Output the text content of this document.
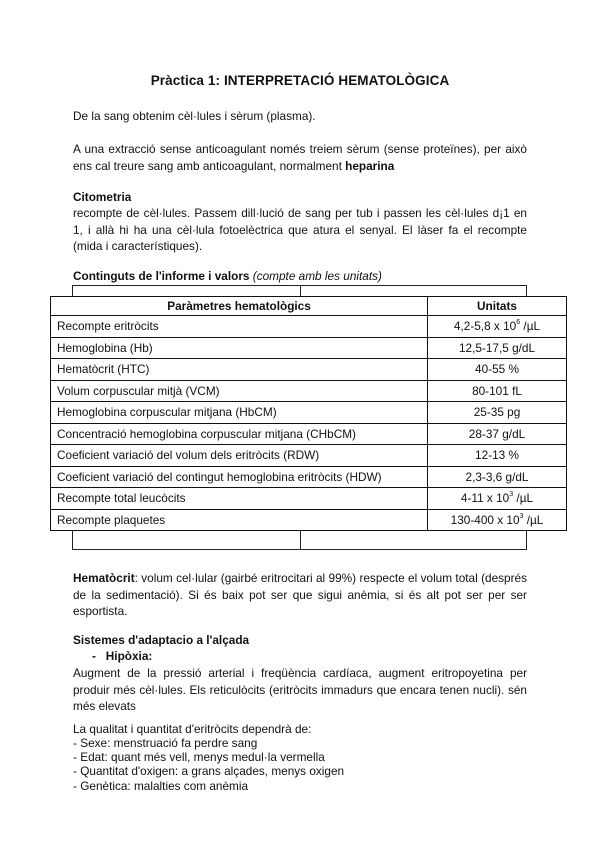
Pràctica 1: INTERPRETACIÓ HEMATOLÒGICA

De la sang obtenim cèl·lules i sèrum (plasma).

A una extracció sense anticoagulant només treiem sèrum (sense proteïnes), per això ens cal treure sang amb anticoagulant, normalment heparina

Citometria

recompte de cèl·lules. Passem dill·lució de sang per tub i passen les cèl·lules d¡1 en 1, i allà hi ha una cèl·lula fotoelèctrica que atura el senyal. El làser fa el recompte (mida i característiques).

Continguts de l'informe i valors (compte amb les unitats)

Paràmetres hematològics	Unitats
Recompte eritròcits	4,2-5,8 x $10^6$ /µL
Hemoglobina (Hb)	12,5-17,5 g/dL
Hematòcrit (HTC)	40-55 %
Volum corpuscular mitjà (VCM)	80-101 fL
Hemoglobina corpuscular mitjana (HbCM)	25-35 pg
Concentració hemoglobina corpuscular mitjana (CHbCM)	28-37 g/dL
Coeficient variació del volum dels eritròcits (RDW)	12-13 %
Coeficient variació del contingut hemoglobina eritròcits (HDW)	2,3-3,6 g/dL
Recompte total leucòcits	4-11 x $10^3$ /µL
Recompte plaquetes	130-400 x $10^3$ /µL

Hematòcrit: volum cel·lular (gairbé eritrocitari al 99%) respecte el volum total (després de la sedimentació). Si és baix pot ser que sigui anèmia, si és alt pot ser per ser esportista.

Sistemes d'adaptacio a l'alçada

- Hipòxia:

Augment de la pressió arterial i freqüència cardíaca, augment eritropoyetina per produir més cèl·lules. Els reticulòcits (eritròcits immadurs que encara tenen nucli). sén més elevats

La qualitat i quantitat d'eritròcits dependrà de:

- Sexe: menstruació fa perdre sang
- Edat: quant més vell, menys medul·la vermella
- Quantitat d'oxigen: a grans alçades, menys oxigen
- Genètica: malalties com anèmia
